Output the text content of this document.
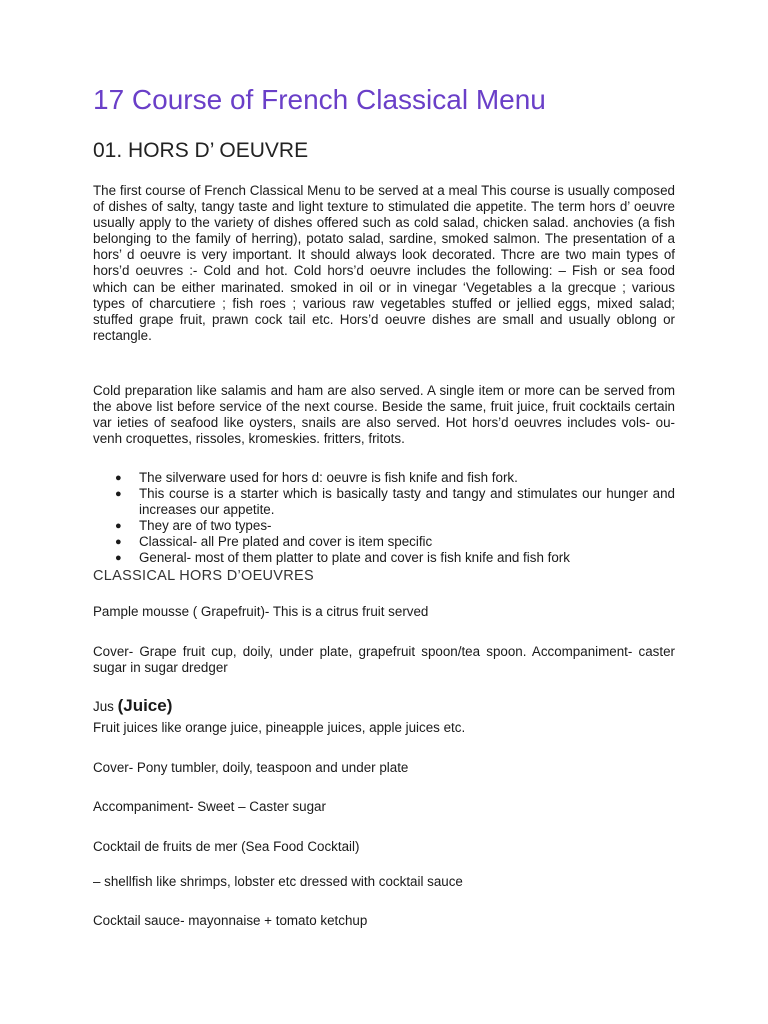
17 Course of French Classical Menu
01. HORS D’ OEUVRE

The first course of French Classical Menu to be served at a meal This course is usually composed of dishes of salty, tangy taste and light texture to stimulated die appetite. The term hors d’ oeuvre usually apply to the variety of dishes offered such as cold salad, chicken salad. anchovies (a fish belonging to the family of herring), potato salad, sardine, smoked salmon. The presentation of a hors’ d oeuvre is very important. It should always look decorated. Thcre are two main types of hors’d oeuvres :- Cold and hot. Cold hors’d oeuvre includes the following: – Fish or sea food which can be either marinated. smoked in oil or in vinegar ‘Vegetables a la grecque ; various types of charcutiere ; fish roes ; various raw vegetables stuffed or jellied eggs, mixed salad; stuffed grape fruit, prawn cock tail etc. Hors’d oeuvre dishes are small and usually oblong or rectangle.

Cold preparation like salamis and ham are also served. A single item or more can be served from the above list before service of the next course. Beside the same, fruit juice, fruit cocktails certain var ieties of seafood like oysters, snails are also served. Hot hors’d oeuvres includes vols- ou-venh croquettes, rissoles, kromeskies. fritters, fritots.

● The silverware used for hors d: oeuvre is fish knife and fish fork.
● This course is a starter which is basically tasty and tangy and stimulates our hunger and increases our appetite.
● They are of two types-
● Classical- all Pre plated and cover is item specific
● General- most of them platter to plate and cover is fish knife and fish fork
CLASSICAL HORS D’OEUVRES

Pample mousse ( Grapefruit)- This is a citrus fruit served

Cover- Grape fruit cup, doily, under plate, grapefruit spoon/tea spoon. Accompaniment- caster sugar in sugar dredger

Jus (Juice)

Fruit juices like orange juice, pineapple juices, apple juices etc.

Cover- Pony tumbler, doily, teaspoon and under plate

Accompaniment- Sweet – Caster sugar

Cocktail de fruits de mer (Sea Food Cocktail)

– shellfish like shrimps, lobster etc dressed with cocktail sauce

Cocktail sauce- mayonnaise + tomato ketchup
